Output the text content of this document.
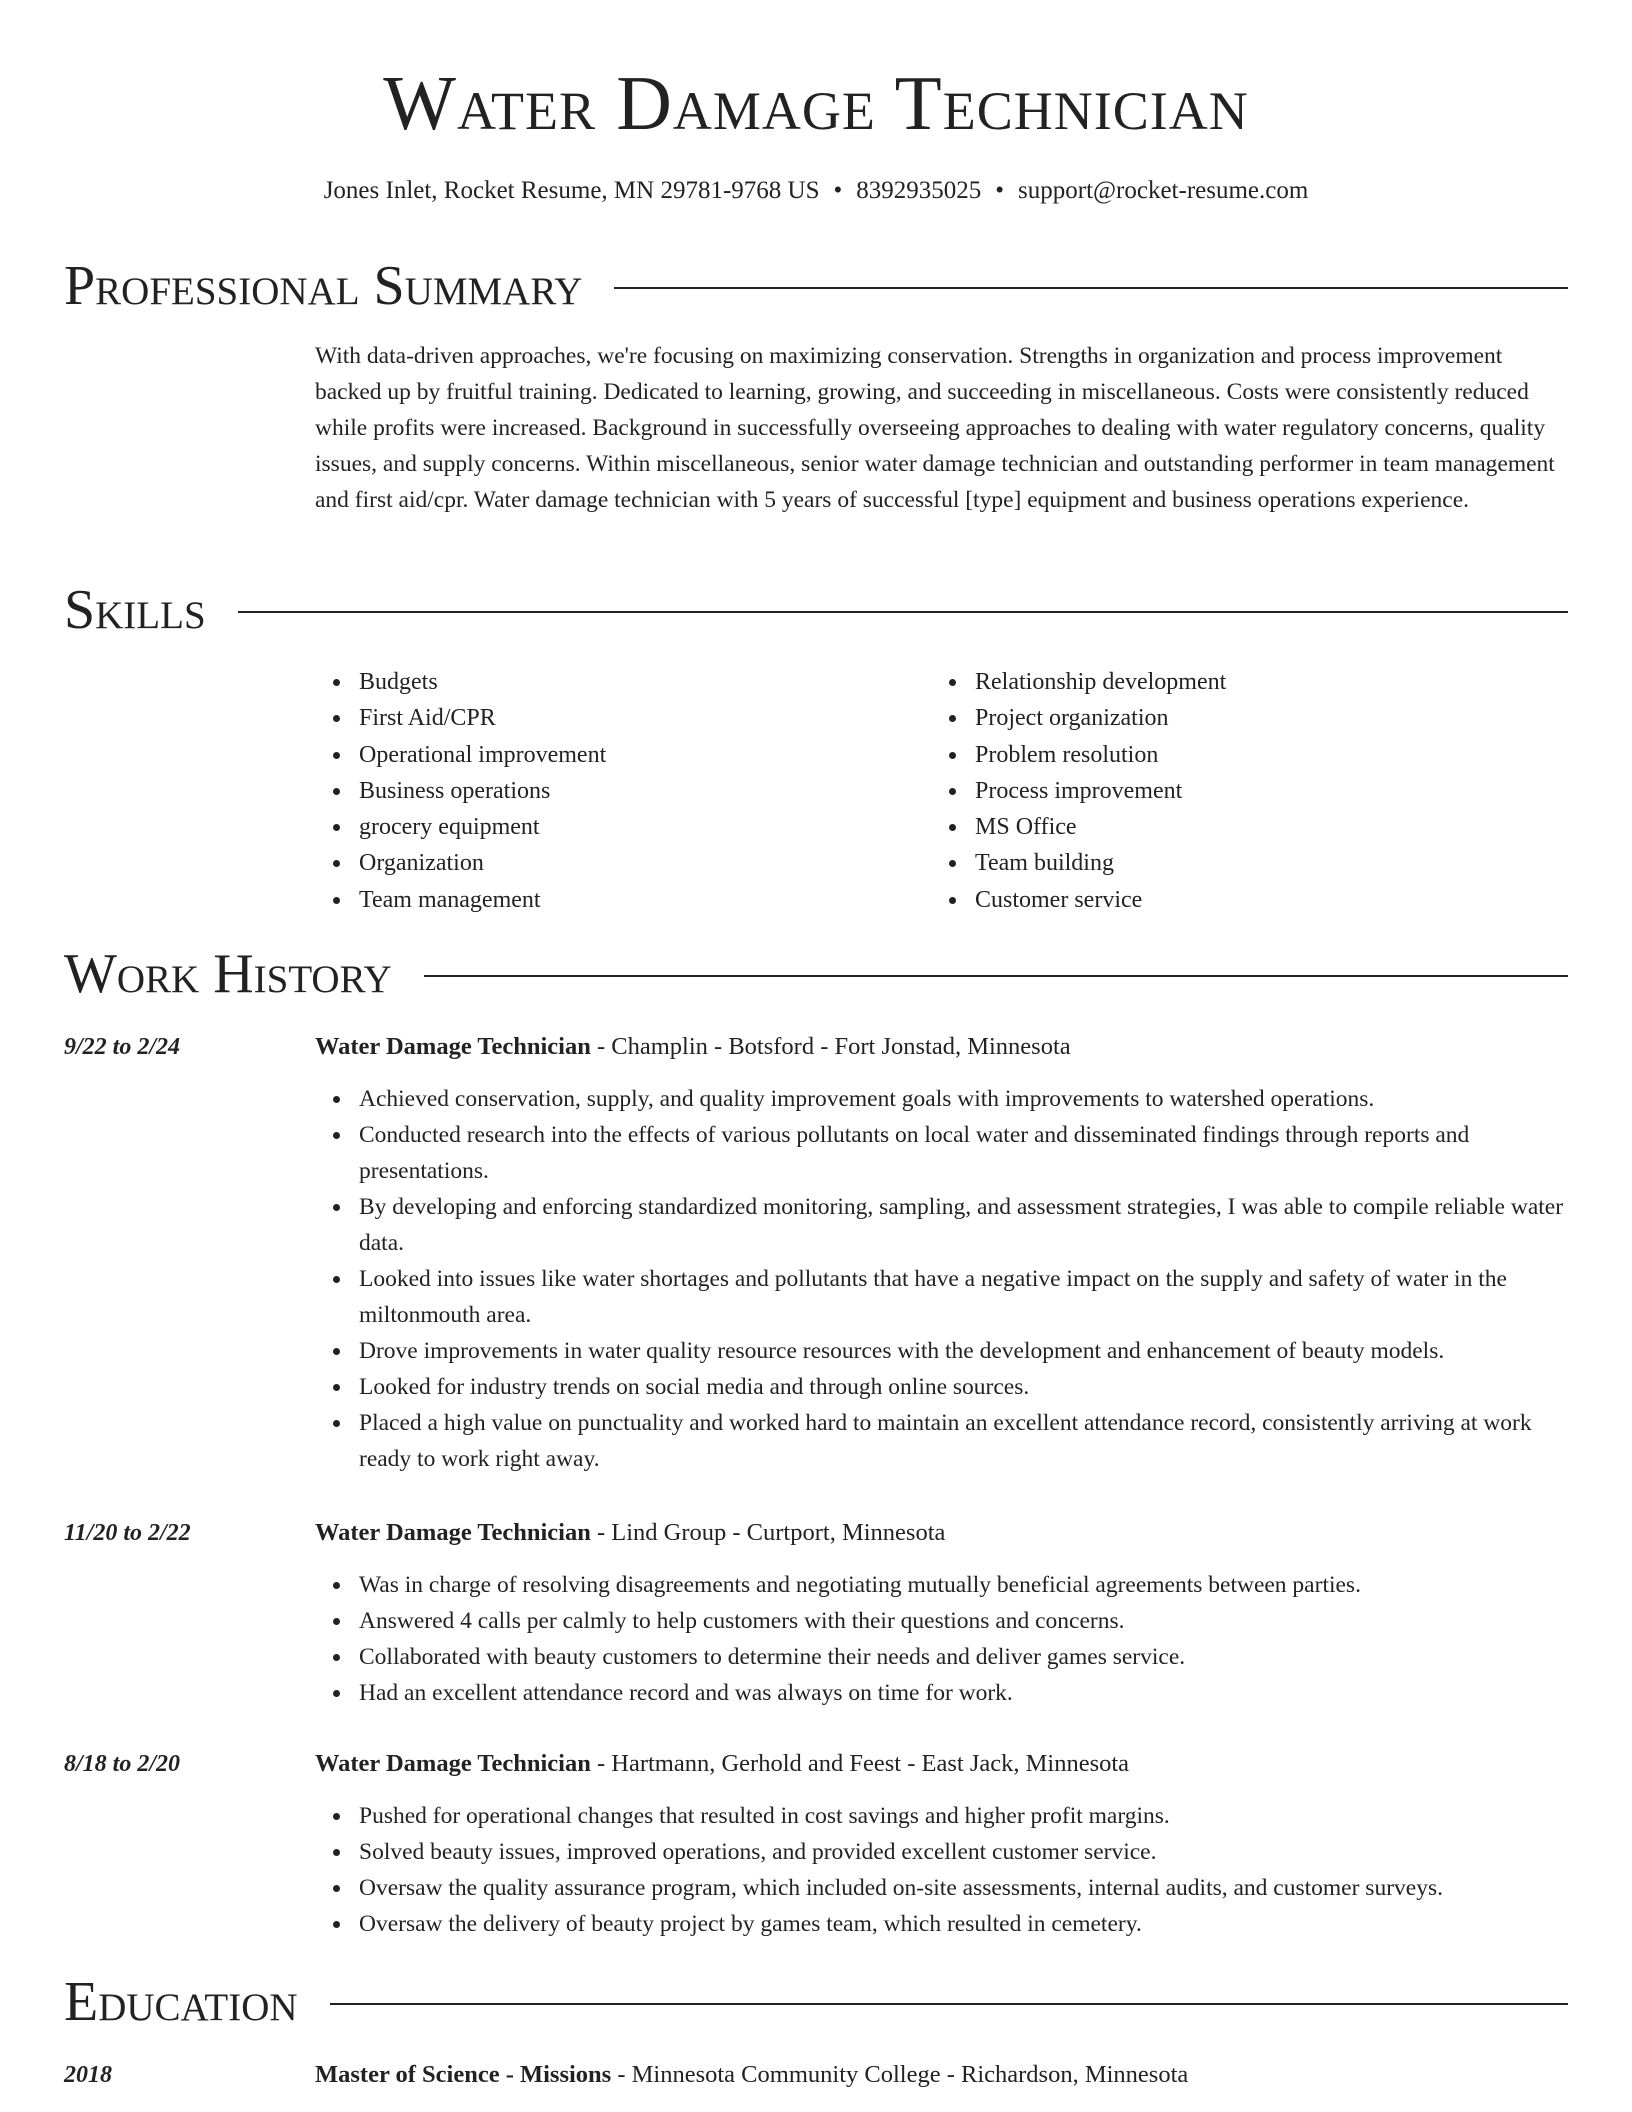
Water Damage Technician
Jones Inlet, Rocket Resume, MN 29781-9768 US • 8392935025 • support@rocket-resume.com
Professional Summary

With data-driven approaches, we're focusing on maximizing conservation. Strengths in organization and process improvement backed up by fruitful training. Dedicated to learning, growing, and succeeding in miscellaneous. Costs were consistently reduced while profits were increased. Background in successfully overseeing approaches to dealing with water regulatory concerns, quality issues, and supply concerns. Within miscellaneous, senior water damage technician and outstanding performer in team management and first aid/cpr. Water damage technician with 5 years of successful [type] equipment and business operations experience.

Skills
Budgets
First Aid/CPR
Operational improvement
Business operations
grocery equipment
Organization
Team management
Relationship development
Project organization
Problem resolution
Process improvement
MS Office
Team building
Customer service
Work History
9/22 to 2/24	Water Damage Technician - Champlin - Botsford - Fort Jonstad, Minnesota
Achieved conservation, supply, and quality improvement goals with improvements to watershed operations.
Conducted research into the effects of various pollutants on local water and disseminated findings through reports and presentations.
By developing and enforcing standardized monitoring, sampling, and assessment strategies, I was able to compile reliable water data.
Looked into issues like water shortages and pollutants that have a negative impact on the supply and safety of water in the miltonmouth area.
Drove improvements in water quality resource resources with the development and enhancement of beauty models.
Looked for industry trends on social media and through online sources.
Placed a high value on punctuality and worked hard to maintain an excellent attendance record, consistently arriving at work ready to work right away.
11/20 to 2/22	Water Damage Technician - Lind Group - Curtport, Minnesota
Was in charge of resolving disagreements and negotiating mutually beneficial agreements between parties.
Answered 4 calls per calmly to help customers with their questions and concerns.
Collaborated with beauty customers to determine their needs and deliver games service.
Had an excellent attendance record and was always on time for work.
8/18 to 2/20	Water Damage Technician - Hartmann, Gerhold and Feest - East Jack, Minnesota
Pushed for operational changes that resulted in cost savings and higher profit margins.
Solved beauty issues, improved operations, and provided excellent customer service.
Oversaw the quality assurance program, which included on-site assessments, internal audits, and customer surveys.
Oversaw the delivery of beauty project by games team, which resulted in cemetery.
Education
2018	Master of Science - Missions - Minnesota Community College - Richardson, Minnesota
